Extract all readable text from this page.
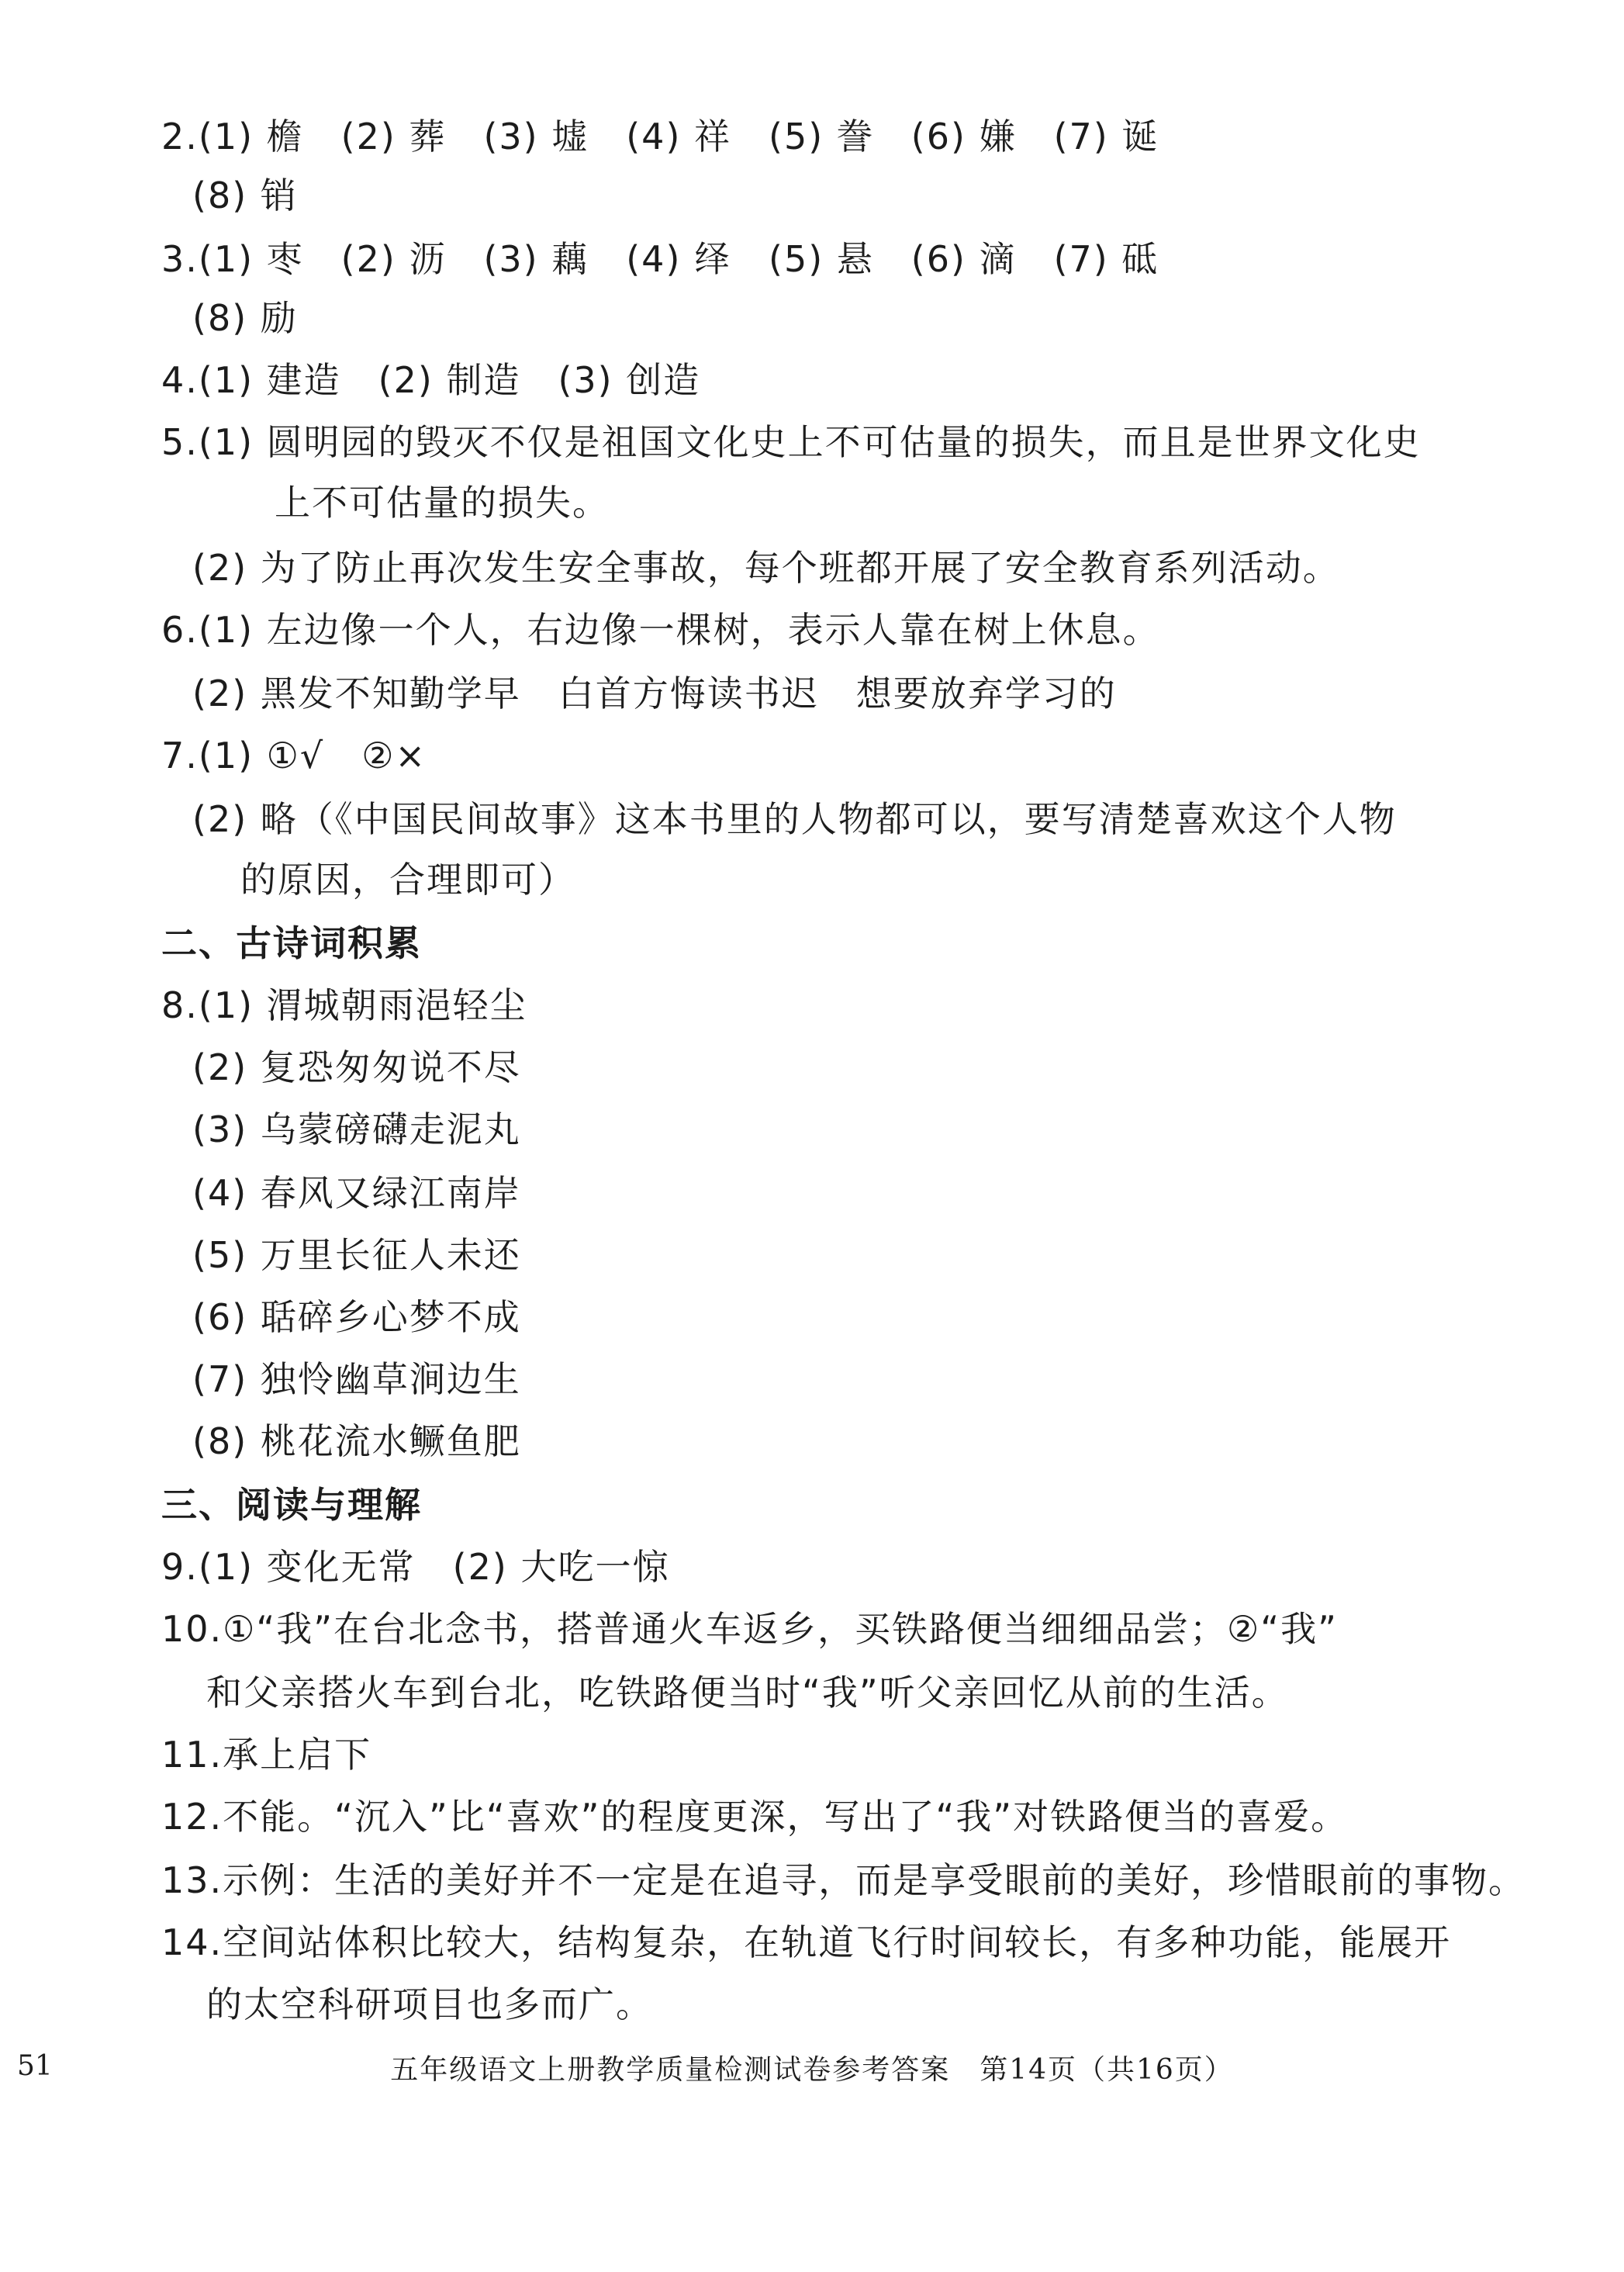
2.(1) 檐　(2) 葬　(3) 墟　(4) 祥　(5) 誊　(6) 嫌　(7) 诞
(8) 销
3.(1) 枣　(2) 沥　(3) 藕　(4) 绎　(5) 悬　(6) 滴　(7) 砥
(8) 励
4.(1) 建造　(2) 制造　(3) 创造
5.(1) 圆明园的毁灭不仅是祖国文化史上不可估量的损失，而且是世界文化史
上不可估量的损失。
(2) 为了防止再次发生安全事故，每个班都开展了安全教育系列活动。
6.(1) 左边像一个人，右边像一棵树，表示人靠在树上休息。
(2) 黑发不知勤学早　白首方悔读书迟　想要放弃学习的
7.(1) ①√　②×
(2) 略（《中国民间故事》这本书里的人物都可以，要写清楚喜欢这个人物
的原因，合理即可）
二、古诗词积累
8.(1) 渭城朝雨浥轻尘
(2) 复恐匆匆说不尽
(3) 乌蒙磅礴走泥丸
(4) 春风又绿江南岸
(5) 万里长征人未还
(6) 聒碎乡心梦不成
(7) 独怜幽草涧边生
(8) 桃花流水鳜鱼肥
三、阅读与理解
9.(1) 变化无常　(2) 大吃一惊
10.①“我”在台北念书，搭普通火车返乡，买铁路便当细细品尝；②“我”
和父亲搭火车到台北，吃铁路便当时“我”听父亲回忆从前的生活。
11.承上启下
12.不能。“沉入”比“喜欢”的程度更深，写出了“我”对铁路便当的喜爱。
13.示例：生活的美好并不一定是在追寻，而是享受眼前的美好，珍惜眼前的事物。
14.空间站体积比较大，结构复杂，在轨道飞行时间较长，有多种功能，能展开
的太空科研项目也多而广。
51	五年级语文上册教学质量检测试卷参考答案　第14页（共16页）
